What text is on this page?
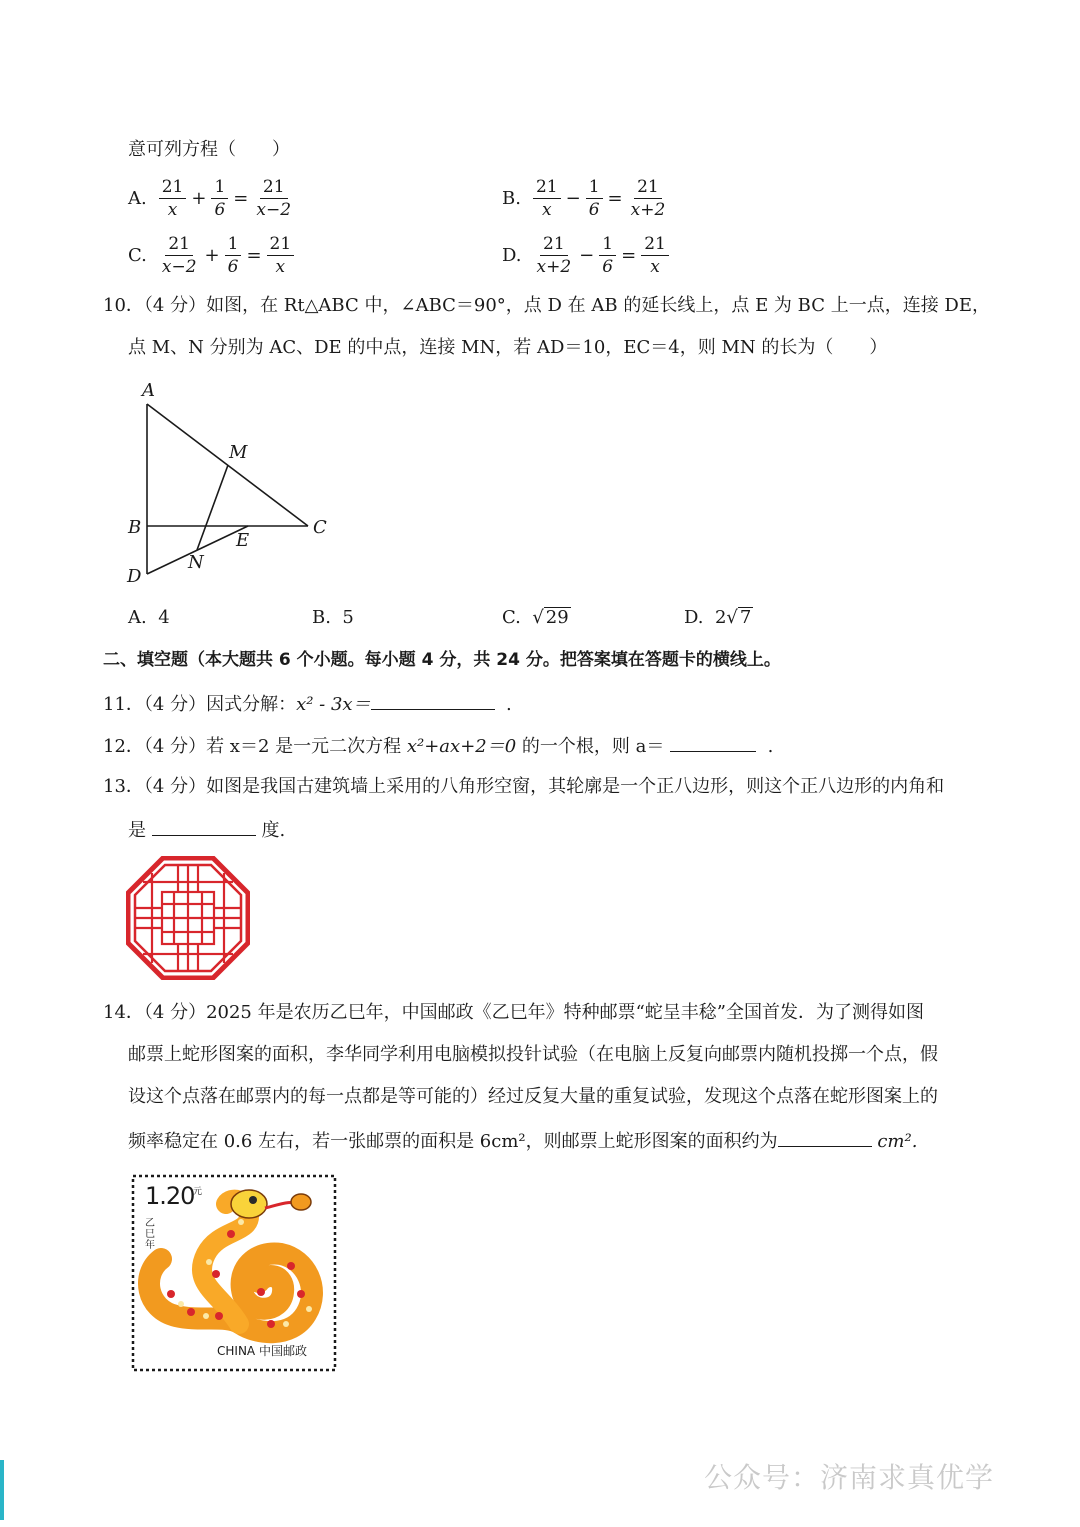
意可列方程（　　）
A. $\frac{21}{x} + \frac{1}{6} = \frac{21}{x-2}$	B. $\frac{21}{x} - \frac{1}{6} = \frac{21}{x+2}$
C. $\frac{21}{x-2} + \frac{1}{6} = \frac{21}{x}$	D. $\frac{21}{x+2} - \frac{1}{6} = \frac{21}{x}$
10．（4 分）如图，在 Rt△ABC 中，∠ABC＝90°，点 D 在 AB 的延长线上，点 E 为 BC 上一点，连接 DE，
点 M、N 分别为 AC、DE 的中点，连接 MN，若 AD＝10，EC＝4，则 MN 的长为（　　）
A
M
B	C
E
N
D
A. 4	B. 5	C. √ 29	D. 2√ 7
二、填空题（本大题共 6 个小题。每小题 4 分，共 24 分。把答案填在答题卡的横线上。
11．（4 分）因式分解：x² - 3x＝	.
12．（4 分）若 x＝2 是一元二次方程 x²+ax+2＝0 的一个根，则 a＝	.
13．（4 分）如图是我国古建筑墙上采用的八角形空窗，其轮廓是一个正八边形，则这个正八边形的内角和
是	度.
14．（4 分）2025 年是农历乙巳年，中国邮政《乙巳年》特种邮票“蛇呈丰稔”全国首发．为了测得如图
邮票上蛇形图案的面积，李华同学利用电脑模拟投针试验（在电脑上反复向邮票内随机投掷一个点，假
设这个点落在邮票内的每一点都是等可能的）经过反复大量的重复试验，发现这个点落在蛇形图案上的
频率稳定在 0.6 左右，若一张邮票的面积是 6cm²，则邮票上蛇形图案的面积约为	cm².
1.20
元
乙巳年
CHINA 中国邮政
公众号：济南求真优学
